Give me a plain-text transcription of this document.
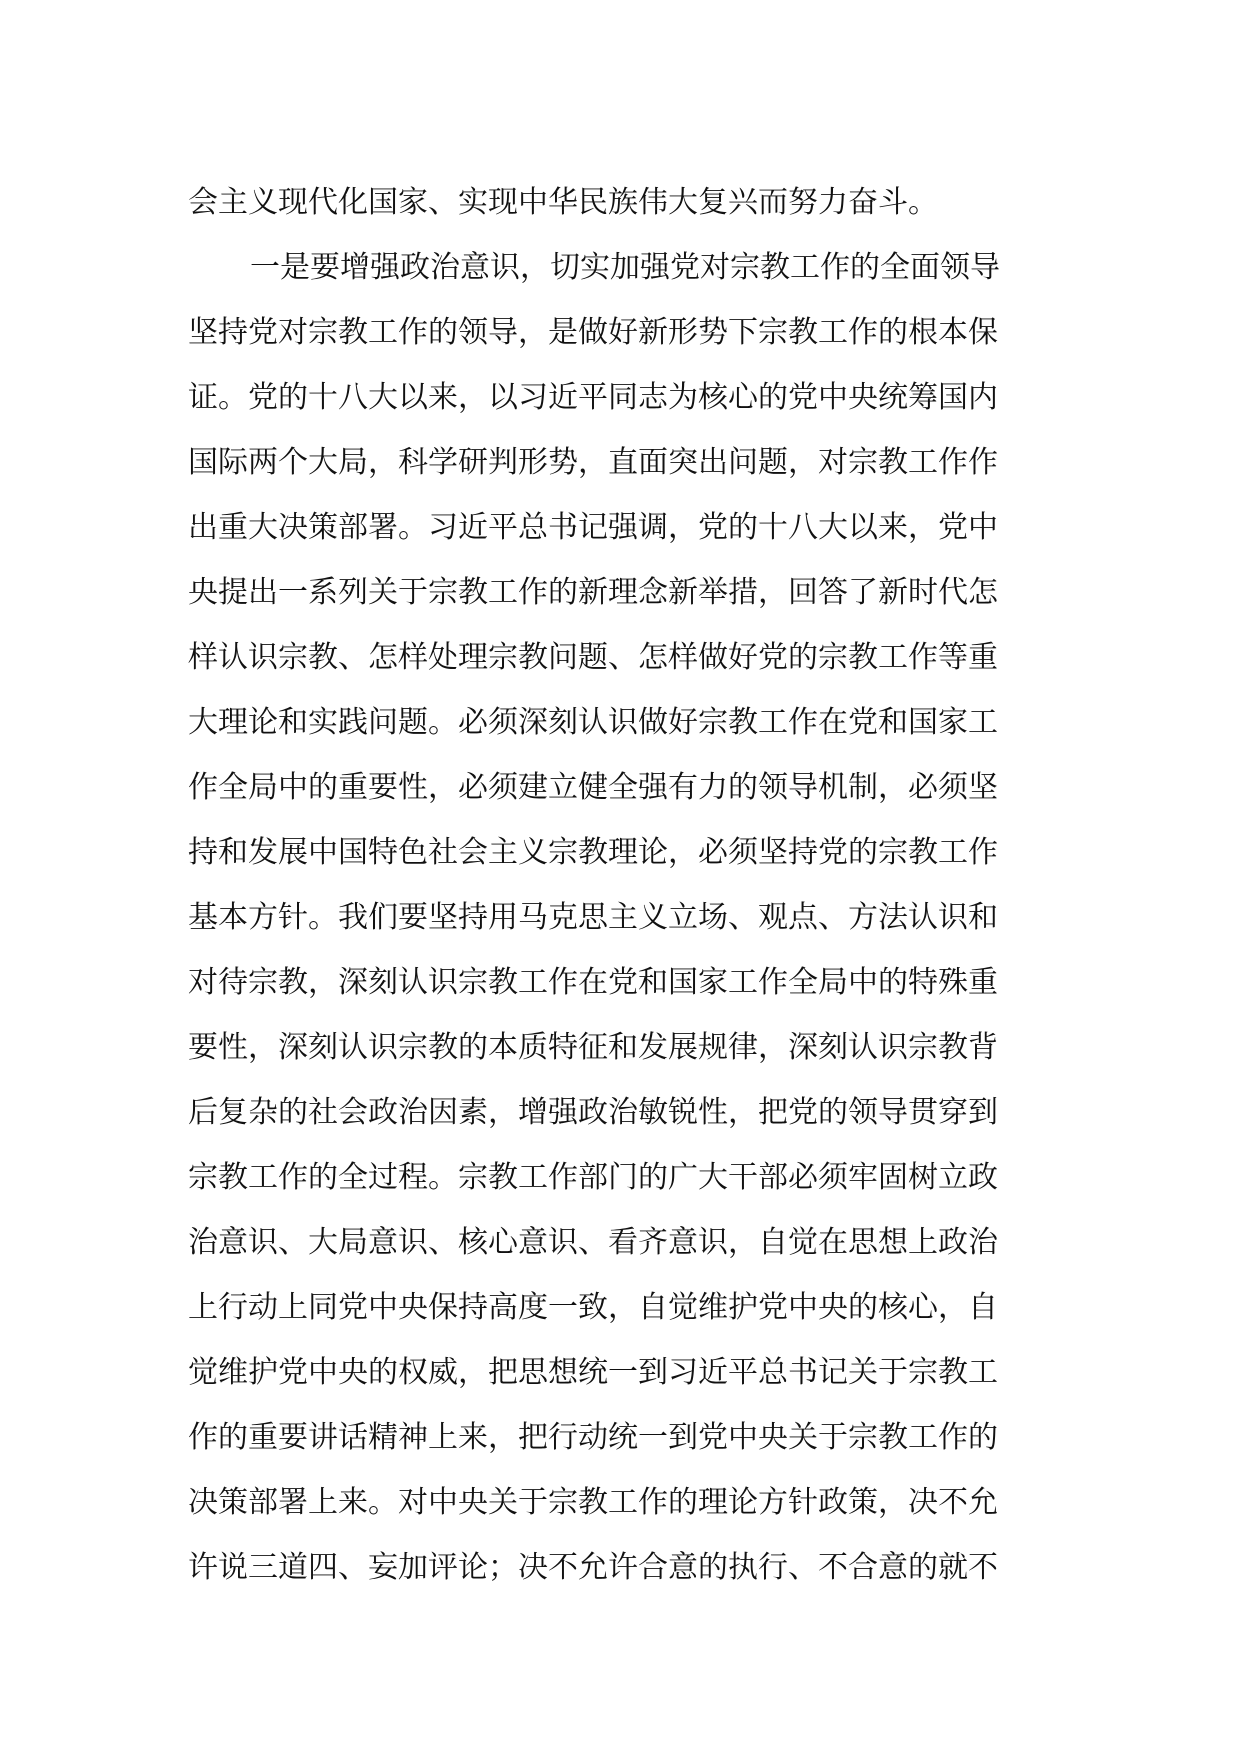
会主义现代化国家、实现中华民族伟大复兴而努力奋斗。
一是要增强政治意识，切实加强党对宗教工作的全面领导
坚持党对宗教工作的领导，是做好新形势下宗教工作的根本保
证。党的十八大以来，以习近平同志为核心的党中央统筹国内
国际两个大局，科学研判形势，直面突出问题，对宗教工作作
出重大决策部署。习近平总书记强调，党的十八大以来，党中
央提出一系列关于宗教工作的新理念新举措，回答了新时代怎
样认识宗教、怎样处理宗教问题、怎样做好党的宗教工作等重
大理论和实践问题。必须深刻认识做好宗教工作在党和国家工
作全局中的重要性，必须建立健全强有力的领导机制，必须坚
持和发展中国特色社会主义宗教理论，必须坚持党的宗教工作
基本方针。我们要坚持用马克思主义立场、观点、方法认识和
对待宗教，深刻认识宗教工作在党和国家工作全局中的特殊重
要性，深刻认识宗教的本质特征和发展规律，深刻认识宗教背
后复杂的社会政治因素，增强政治敏锐性，把党的领导贯穿到
宗教工作的全过程。宗教工作部门的广大干部必须牢固树立政
治意识、大局意识、核心意识、看齐意识，自觉在思想上政治
上行动上同党中央保持高度一致，自觉维护党中央的核心，自
觉维护党中央的权威，把思想统一到习近平总书记关于宗教工
作的重要讲话精神上来，把行动统一到党中央关于宗教工作的
决策部署上来。对中央关于宗教工作的理论方针政策，决不允
许说三道四、妄加评论；决不允许合意的执行、不合意的就不
